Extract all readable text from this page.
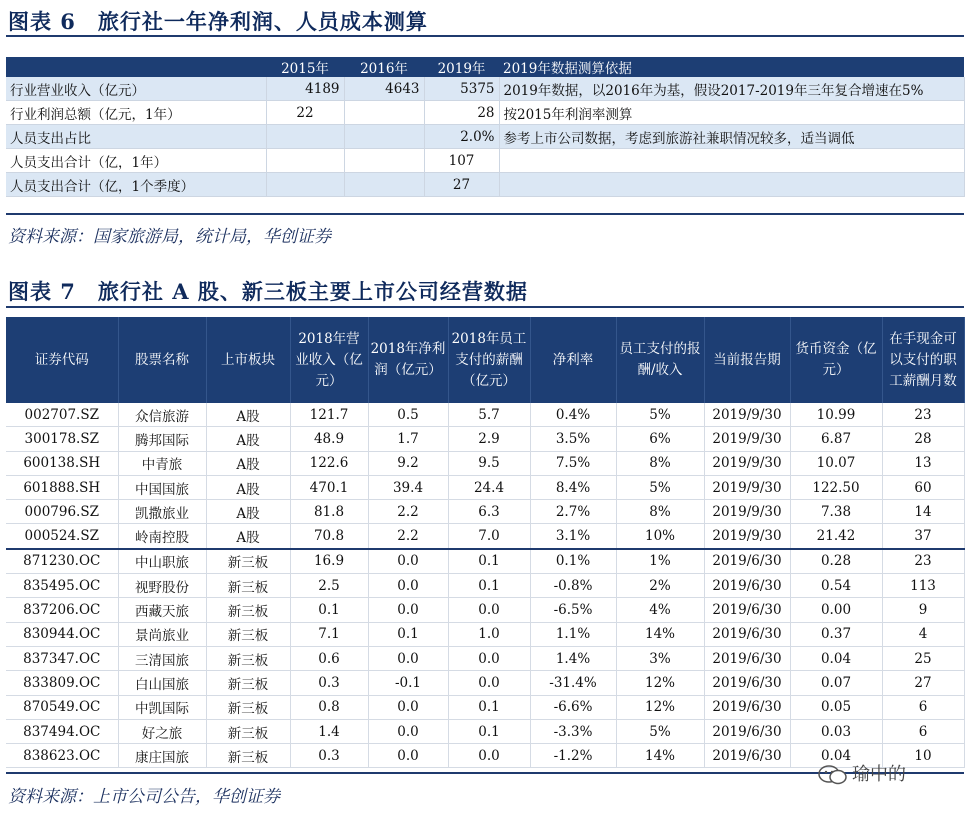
图表 6　旅行社一年净利润、人员成本测算
	2015年	2016年	2019年	2019年数据测算依据
行业营业收入（亿元）	4189	4643	5375	2019年数据，以2016年为基，假设2017-2019年三年复合增速在5%
行业利润总额（亿元，1年）	22		28	按2015年利润率测算
人员支出占比			2.0%	参考上市公司数据，考虑到旅游社兼职情况较多，适当调低
人员支出合计（亿，1年）			107	
人员支出合计（亿，1个季度）			27	
资料来源：国家旅游局，统计局，华创证券
图表 7　旅行社 A 股、新三板主要上市公司经营数据
证券代码	股票名称	上市板块	2018年营业收入（亿元）	2018年净利润（亿元）	2018年员工支付的薪酬（亿元）	净利率	员工支付的报酬/收入	当前报告期	货币资金（亿元）	在手现金可以支付的职工薪酬月数
002707.SZ	众信旅游	A股	121.7	0.5	5.7	0.4%	5%	2019/9/30	10.99	23
300178.SZ	腾邦国际	A股	48.9	1.7	2.9	3.5%	6%	2019/9/30	6.87	28
600138.SH	中青旅	A股	122.6	9.2	9.5	7.5%	8%	2019/9/30	10.07	13
601888.SH	中国国旅	A股	470.1	39.4	24.4	8.4%	5%	2019/9/30	122.50	60
000796.SZ	凯撒旅业	A股	81.8	2.2	6.3	2.7%	8%	2019/9/30	7.38	14
000524.SZ	岭南控股	A股	70.8	2.2	7.0	3.1%	10%	2019/9/30	21.42	37
871230.OC	中山职旅	新三板	16.9	0.0	0.1	0.1%	1%	2019/6/30	0.28	23
835495.OC	视野股份	新三板	2.5	0.0	0.1	-0.8%	2%	2019/6/30	0.54	113
837206.OC	西藏天旅	新三板	0.1	0.0	0.0	-6.5%	4%	2019/6/30	0.00	9
830944.OC	景尚旅业	新三板	7.1	0.1	1.0	1.1%	14%	2019/6/30	0.37	4
837347.OC	三清国旅	新三板	0.6	0.0	0.0	1.4%	3%	2019/6/30	0.04	25
833809.OC	白山国旅	新三板	0.3	-0.1	0.0	-31.4%	12%	2019/6/30	0.07	27
870549.OC	中凯国际	新三板	0.8	0.0	0.1	-6.6%	12%	2019/6/30	0.05	6
837494.OC	好之旅	新三板	1.4	0.0	0.1	-3.3%	5%	2019/6/30	0.03	6
838623.OC	康庄国旅	新三板	0.3	0.0	0.0	-1.2%	14%	2019/6/30	0.04	10
资料来源：上市公司公告，华创证券
瑜中的
